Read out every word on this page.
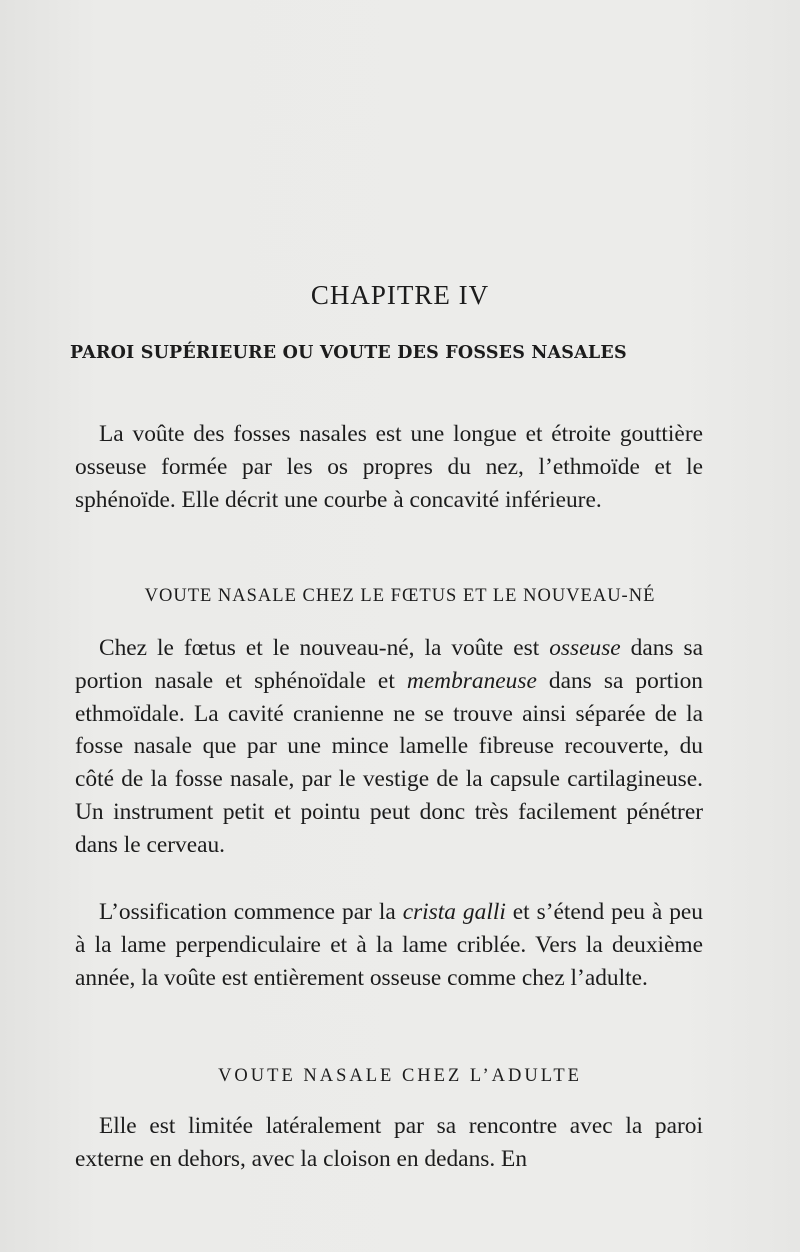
CHAPITRE IV
PAROI SUPÉRIEURE OU VOUTE DES FOSSES NASALES

La voûte des fosses nasales est une longue et étroite gouttière osseuse formée par les os propres du nez, l’ethmoïde et le sphénoïde. Elle décrit une courbe à concavité inférieure.

VOUTE NASALE CHEZ LE FŒTUS ET LE NOUVEAU-NÉ

Chez le fœtus et le nouveau-né, la voûte est osseuse dans sa portion nasale et sphénoïdale et membraneuse dans sa portion ethmoïdale. La cavité cranienne ne se trouve ainsi séparée de la fosse nasale que par une mince lamelle fibreuse recouverte, du côté de la fosse nasale, par le vestige de la capsule cartilagineuse. Un instrument petit et pointu peut donc très facilement pénétrer dans le cerveau.

L’ossification commence par la crista galli et s’étend peu à peu à la lame perpendiculaire et à la lame criblée. Vers la deuxième année, la voûte est entièrement osseuse comme chez l’adulte.

VOUTE NASALE CHEZ L’ADULTE

Elle est limitée latéralement par sa rencontre avec la paroi externe en dehors, avec la cloison en dedans. En
